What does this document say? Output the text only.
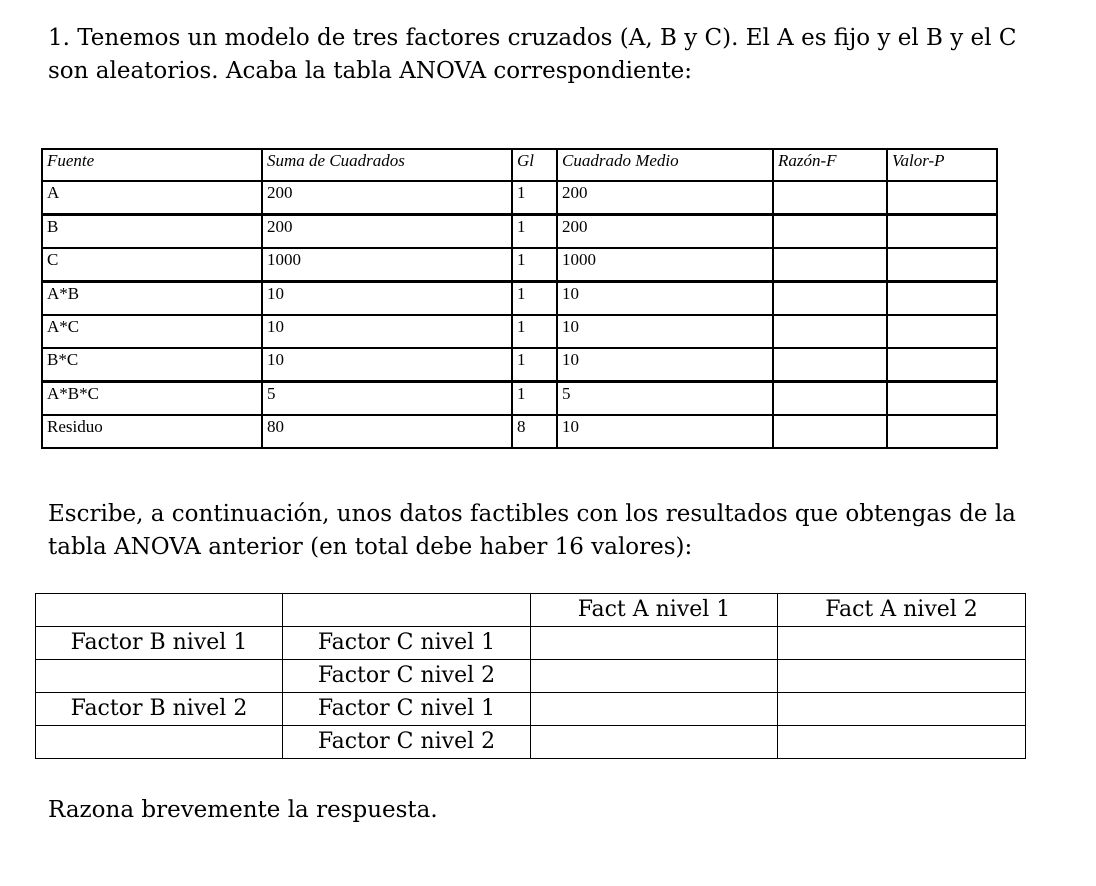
1. Tenemos un modelo de tres factores cruzados (A, B y C). El A es fijo y el B y el C son aleatorios. Acaba la tabla ANOVA correspondiente:

Fuente	Suma de Cuadrados	Gl	Cuadrado Medio	Razón-F	Valor-P
A	200	1	200		
B	200	1	200		
C	1000	1	1000		
A*B	10	1	10		
A*C	10	1	10		
B*C	10	1	10		
A*B*C	5	1	5		
Residuo	80	8	10		

Escribe, a continuación, unos datos factibles con los resultados que obtengas de la tabla ANOVA anterior (en total debe haber 16 valores):

		Fact A nivel 1	Fact A nivel 2
Factor B nivel 1	Factor C nivel 1		
	Factor C nivel 2		
Factor B nivel 2	Factor C nivel 1		
	Factor C nivel 2		

Razona brevemente la respuesta.
